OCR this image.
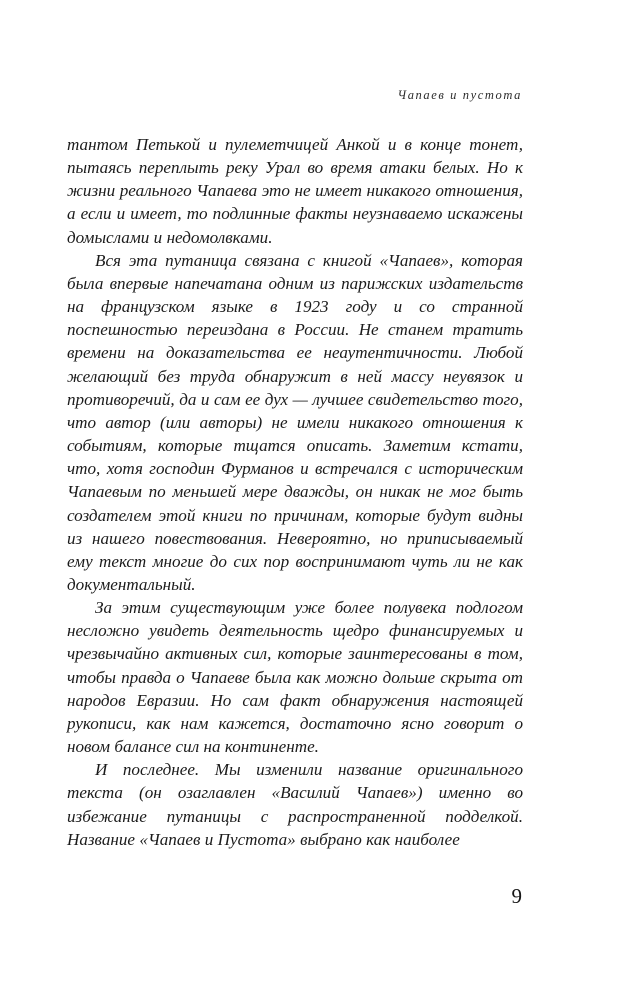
Чапаев и пустота

тантом Петькой и пулеметчицей Анкой и в конце тонет, пытаясь переплыть реку Урал во время атаки белых. Но к жизни реального Чапаева это не имеет никакого отношения, а если и имеет, то подлинные факты неузнаваемо искажены домыслами и недомолвками.

Вся эта путаница связана с книгой «Чапаев», которая была впервые напечатана одним из парижских издательств на французском языке в 1923 году и со странной поспешностью переиздана в России. Не станем тратить времени на доказательства ее неаутентичности. Любой желающий без труда обнаружит в ней массу неувязок и противоречий, да и сам ее дух — лучшее свидетельство того, что автор (или авторы) не имели никакого отношения к событиям, которые тщатся описать. Заметим кстати, что, хотя господин Фурманов и встречался с историческим Чапаевым по меньшей мере дважды, он никак не мог быть создателем этой книги по причинам, которые будут видны из нашего повествования. Невероятно, но приписываемый ему текст многие до сих пор воспринимают чуть ли не как документальный.

За этим существующим уже более полувека подлогом несложно увидеть деятельность щедро финансируемых и чрезвычайно активных сил, которые заинтересованы в том, чтобы правда о Чапаеве была как можно дольше скрыта от народов Евразии. Но сам факт обнаружения настоящей рукописи, как нам кажется, достаточно ясно говорит о новом балансе сил на континенте.

И последнее. Мы изменили название оригинального текста (он озаглавлен «Василий Чапаев») именно во избежание путаницы с распространенной подделкой. Название «Чапаев и Пустота» выбрано как наиболее

9
